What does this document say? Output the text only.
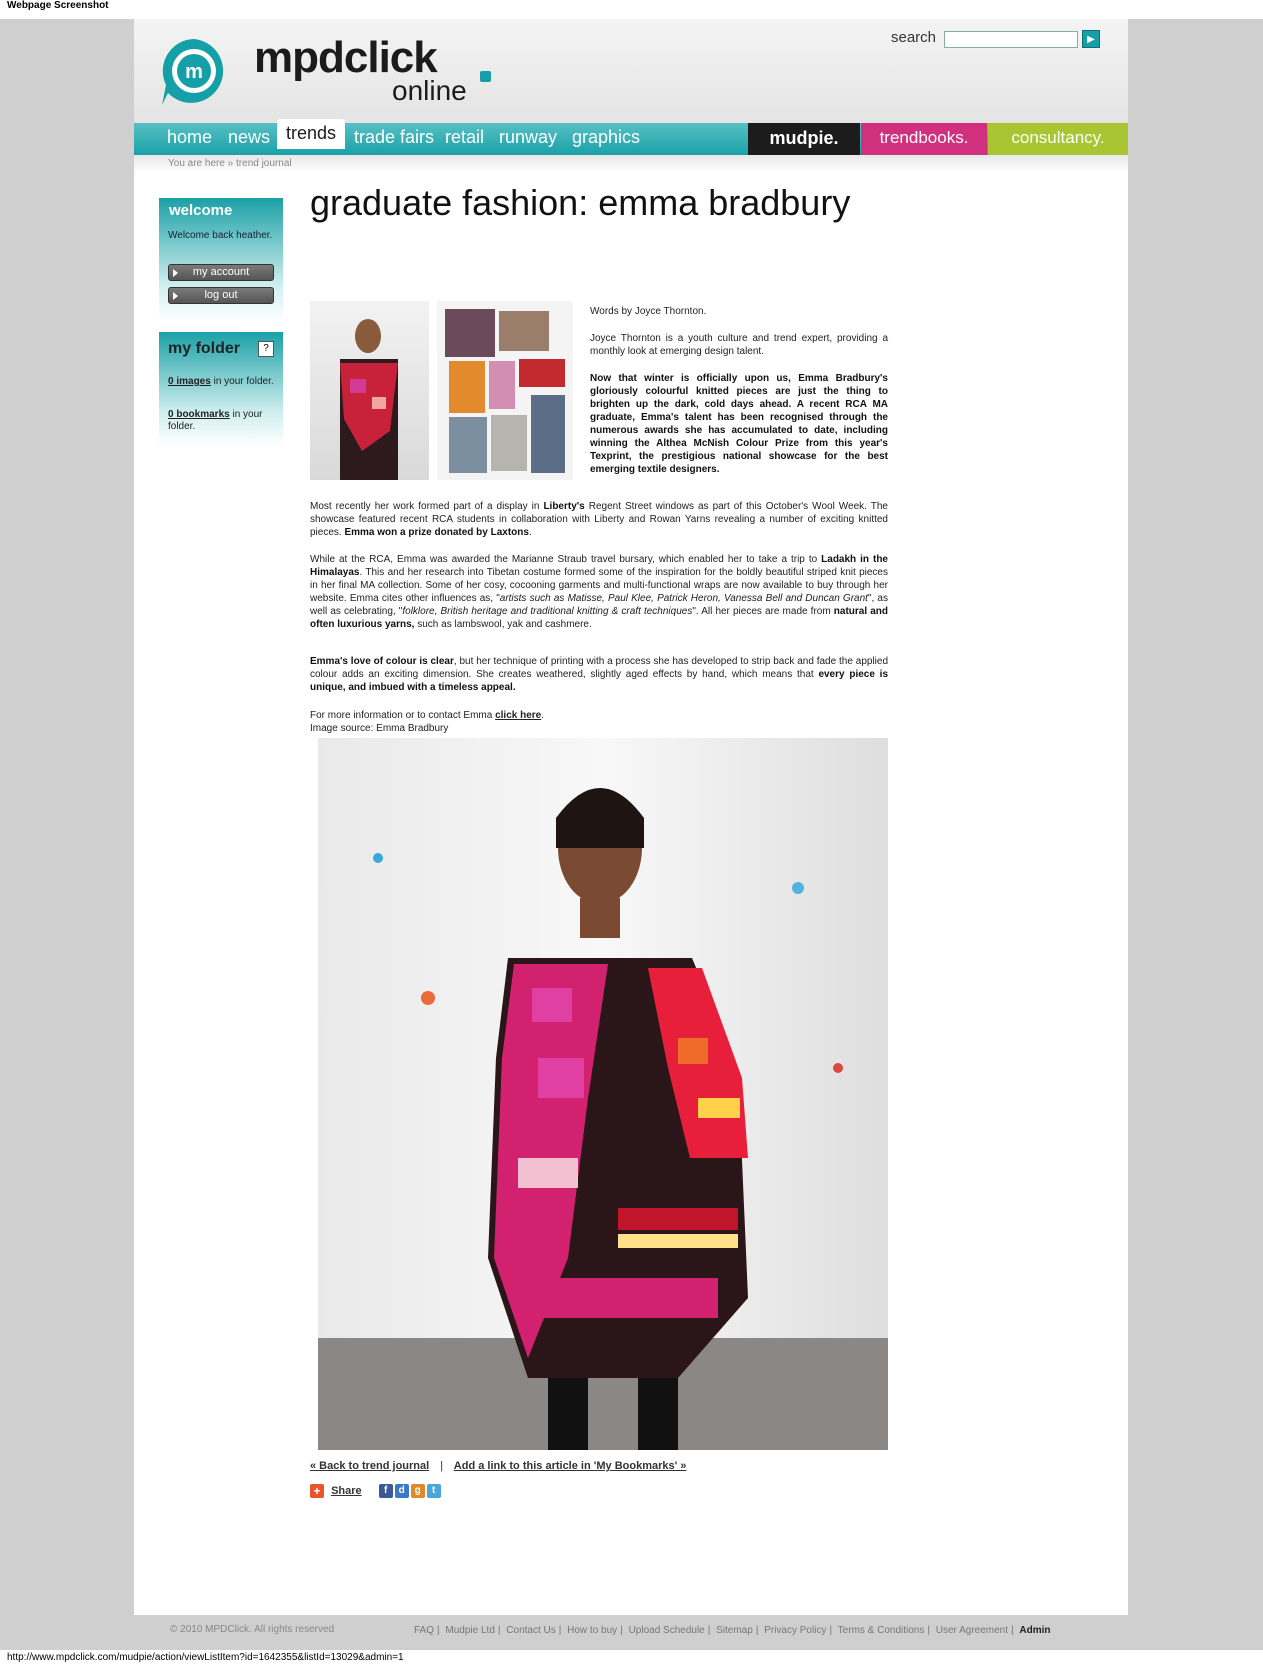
Webpage Screenshot
m mpdclick
online
search	▶
home news trends trade fairs retail runway graphics	mudpie.	trendbooks.	consultancy.
You are here » trend journal
welcome
Welcome back heather.
my account
log out
my folder	?
0 images in your folder.
0 bookmarks in your folder.
graduate fashion: emma bradbury
Words by Joyce Thornton.
Joyce Thornton is a youth culture and trend expert, providing a monthly look at emerging design talent.
Now that winter is officially upon us, Emma Bradbury's gloriously colourful knitted pieces are just the thing to brighten up the dark, cold days ahead. A recent RCA MA graduate, Emma's talent has been recognised through the numerous awards she has accumulated to date, including winning the Althea McNish Colour Prize from this year's Texprint, the prestigious national showcase for the best emerging textile designers.
Most recently her work formed part of a display in Liberty's Regent Street windows as part of this October's Wool Week. The showcase featured recent RCA students in collaboration with Liberty and Rowan Yarns revealing a number of exciting knitted pieces. Emma won a prize donated by Laxtons.
While at the RCA, Emma was awarded the Marianne Straub travel bursary, which enabled her to take a trip to Ladakh in the Himalayas. This and her research into Tibetan costume formed some of the inspiration for the boldly beautiful striped knit pieces in her final MA collection. Some of her cosy, cocooning garments and multi-functional wraps are now available to buy through her website. Emma cites other influences as, "artists such as Matisse, Paul Klee, Patrick Heron, Vanessa Bell and Duncan Grant", as well as celebrating, "folklore, British heritage and traditional knitting & craft techniques". All her pieces are made from natural and often luxurious yarns, such as lambswool, yak and cashmere.
Emma's love of colour is clear, but her technique of printing with a process she has developed to strip back and fade the applied colour adds an exciting dimension. She creates weathered, slightly aged effects by hand, which means that every piece is unique, and imbued with a timeless appeal.
For more information or to contact Emma click here.
Image source: Emma Bradbury
« Back to trend journal | Add a link to this article in 'My Bookmarks' »
+ Share f d g t
© 2010 MPDClick. All rights reserved	FAQ | Mudpie Ltd | Contact Us | How to buy | Upload Schedule | Sitemap | Privacy Policy | Terms & Conditions | User Agreement | Admin
http://www.mpdclick.com/mudpie/action/viewListItem?id=1642355&listId=13029&admin=1
